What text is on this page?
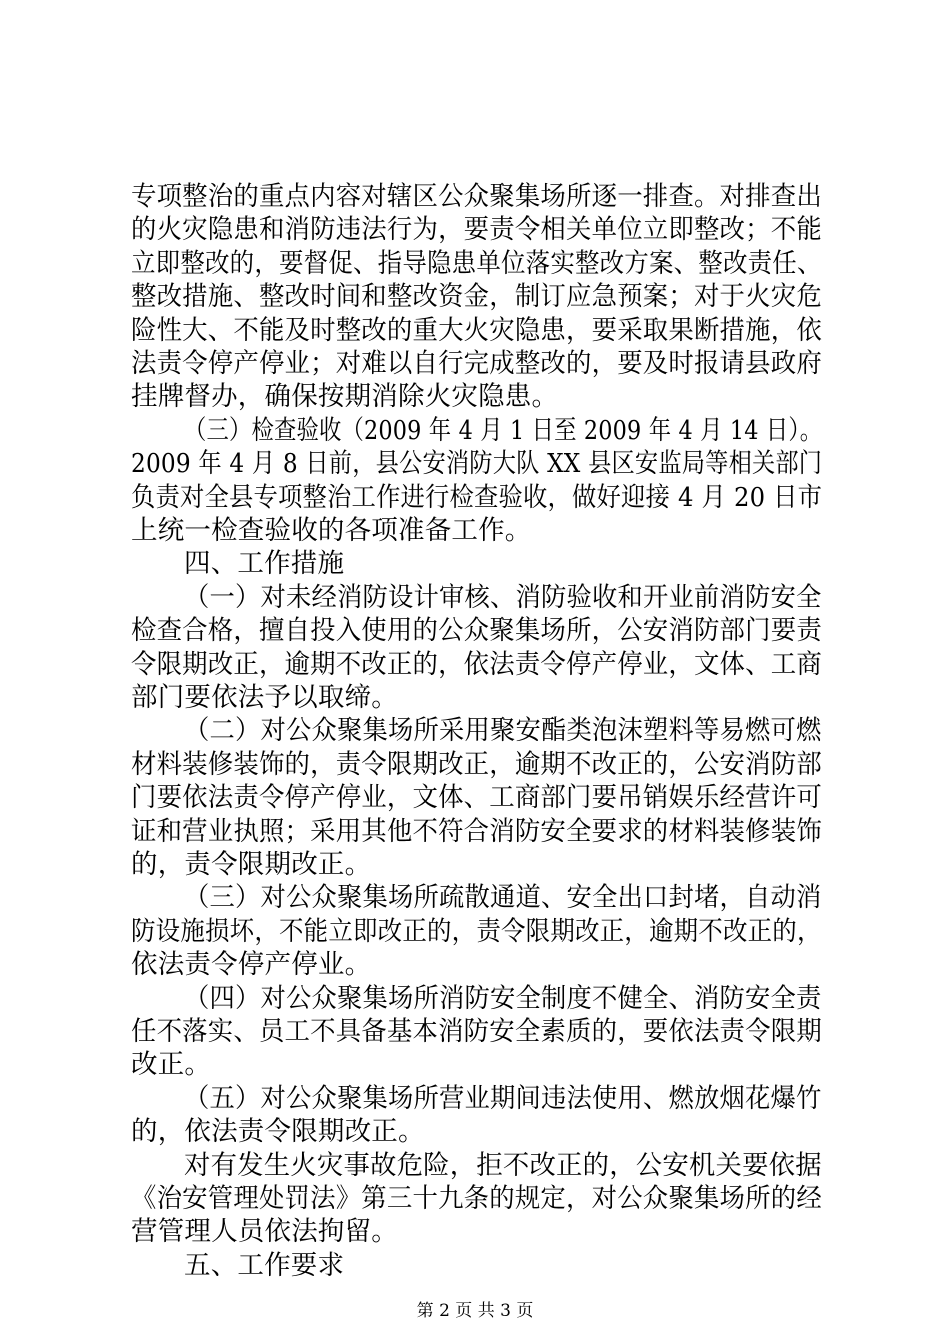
专项整治的重点内容对辖区公众聚集场所逐一排查。对排查出
的火灾隐患和消防违法行为，要责令相关单位立即整改；不能
立即整改的，要督促、指导隐患单位落实整改方案、整改责任、
整改措施、整改时间和整改资金，制订应急预案；对于火灾危
险性大、不能及时整改的重大火灾隐患，要采取果断措施，依
法责令停产停业；对难以自行完成整改的，要及时报请县政府
挂牌督办，确保按期消除火灾隐患。
（三）检查验收（2009 年 4 月 1 日至 2009 年 4 月 14 日）。
2009 年 4 月 8 日前，县公安消防大队 XX 县区安监局等相关部门
负责对全县专项整治工作进行检查验收，做好迎接 4 月 20 日市
上统一检查验收的各项准备工作。
四、工作措施
（一）对未经消防设计审核、消防验收和开业前消防安全
检查合格，擅自投入使用的公众聚集场所，公安消防部门要责
令限期改正，逾期不改正的，依法责令停产停业，文体、工商
部门要依法予以取缔。
（二）对公众聚集场所采用聚安酯类泡沫塑料等易燃可燃
材料装修装饰的，责令限期改正，逾期不改正的，公安消防部
门要依法责令停产停业，文体、工商部门要吊销娱乐经营许可
证和营业执照；采用其他不符合消防安全要求的材料装修装饰
的，责令限期改正。
（三）对公众聚集场所疏散通道、安全出口封堵，自动消
防设施损坏，不能立即改正的，责令限期改正，逾期不改正的，
依法责令停产停业。
（四）对公众聚集场所消防安全制度不健全、消防安全责
任不落实、员工不具备基本消防安全素质的，要依法责令限期
改正。
（五）对公众聚集场所营业期间违法使用、燃放烟花爆竹
的，依法责令限期改正。
对有发生火灾事故危险，拒不改正的，公安机关要依据
《治安管理处罚法》第三十九条的规定，对公众聚集场所的经
营管理人员依法拘留。
五、工作要求
第 2 页 共 3 页
